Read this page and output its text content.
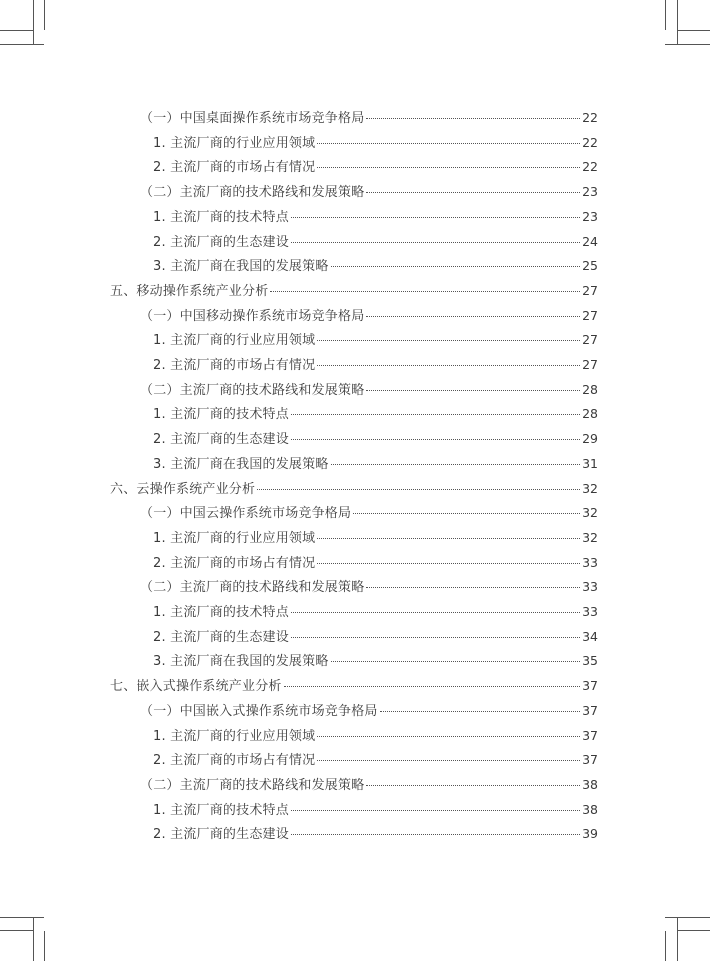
（一）中国桌面操作系统市场竞争格局	22
1. 主流厂商的行业应用领域	22
2. 主流厂商的市场占有情况	22
（二）主流厂商的技术路线和发展策略	23
1. 主流厂商的技术特点	23
2. 主流厂商的生态建设	24
3. 主流厂商在我国的发展策略	25
五、移动操作系统产业分析	27
（一）中国移动操作系统市场竞争格局	27
1. 主流厂商的行业应用领域	27
2. 主流厂商的市场占有情况	27
（二）主流厂商的技术路线和发展策略	28
1. 主流厂商的技术特点	28
2. 主流厂商的生态建设	29
3. 主流厂商在我国的发展策略	31
六、云操作系统产业分析	32
（一）中国云操作系统市场竞争格局	32
1. 主流厂商的行业应用领域	32
2. 主流厂商的市场占有情况	33
（二）主流厂商的技术路线和发展策略	33
1. 主流厂商的技术特点	33
2. 主流厂商的生态建设	34
3. 主流厂商在我国的发展策略	35
七、嵌入式操作系统产业分析	37
（一）中国嵌入式操作系统市场竞争格局	37
1. 主流厂商的行业应用领域	37
2. 主流厂商的市场占有情况	37
（二）主流厂商的技术路线和发展策略	38
1. 主流厂商的技术特点	38
2. 主流厂商的生态建设	39
